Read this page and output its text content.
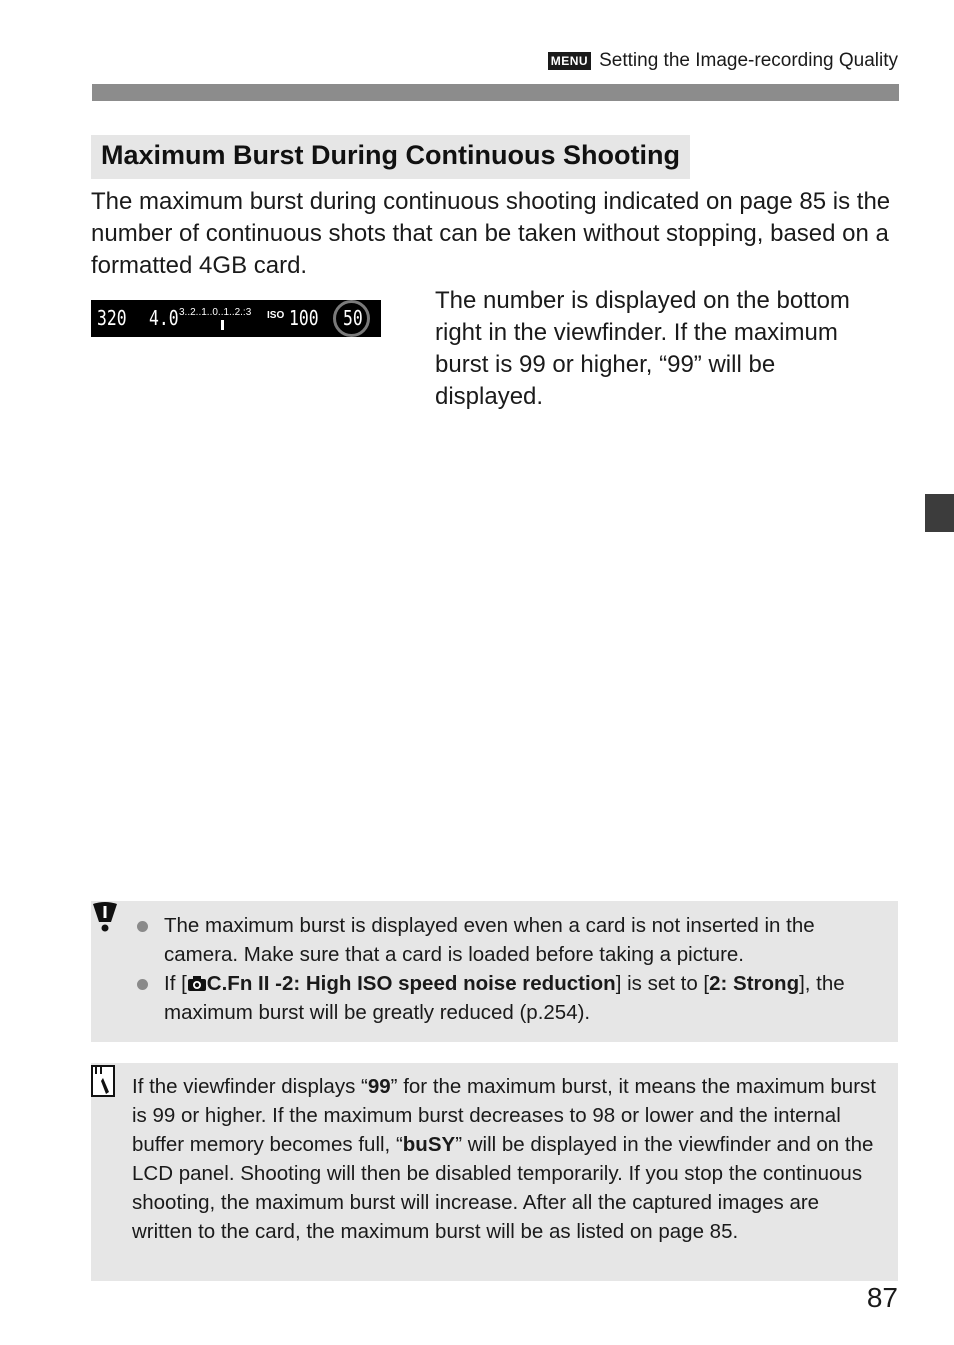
MENU Setting the Image-recording Quality
Maximum Burst During Continuous Shooting

The maximum burst during continuous shooting indicated on page 85 is the number of continuous shots that can be taken without stopping, based on a formatted 4GB card.

320 4.0 3..2..1..0..1..2.:3 ISO 100 50

The number is displayed on the bottom right in the viewfinder. If the maximum burst is 99 or higher, “99” will be displayed.

The maximum burst is displayed even when a card is not inserted in the camera. Make sure that a card is loaded before taking a picture.
If [ C.Fn II -2: High ISO speed noise reduction] is set to [2: Strong], the maximum burst will be greatly reduced (p.254).

If the viewfinder displays “99” for the maximum burst, it means the maximum burst is 99 or higher. If the maximum burst decreases to 98 or lower and the internal buffer memory becomes full, “buSY” will be displayed in the viewfinder and on the LCD panel. Shooting will then be disabled temporarily. If you stop the continuous shooting, the maximum burst will increase. After all the captured images are written to the card, the maximum burst will be as listed on page 85.

87
